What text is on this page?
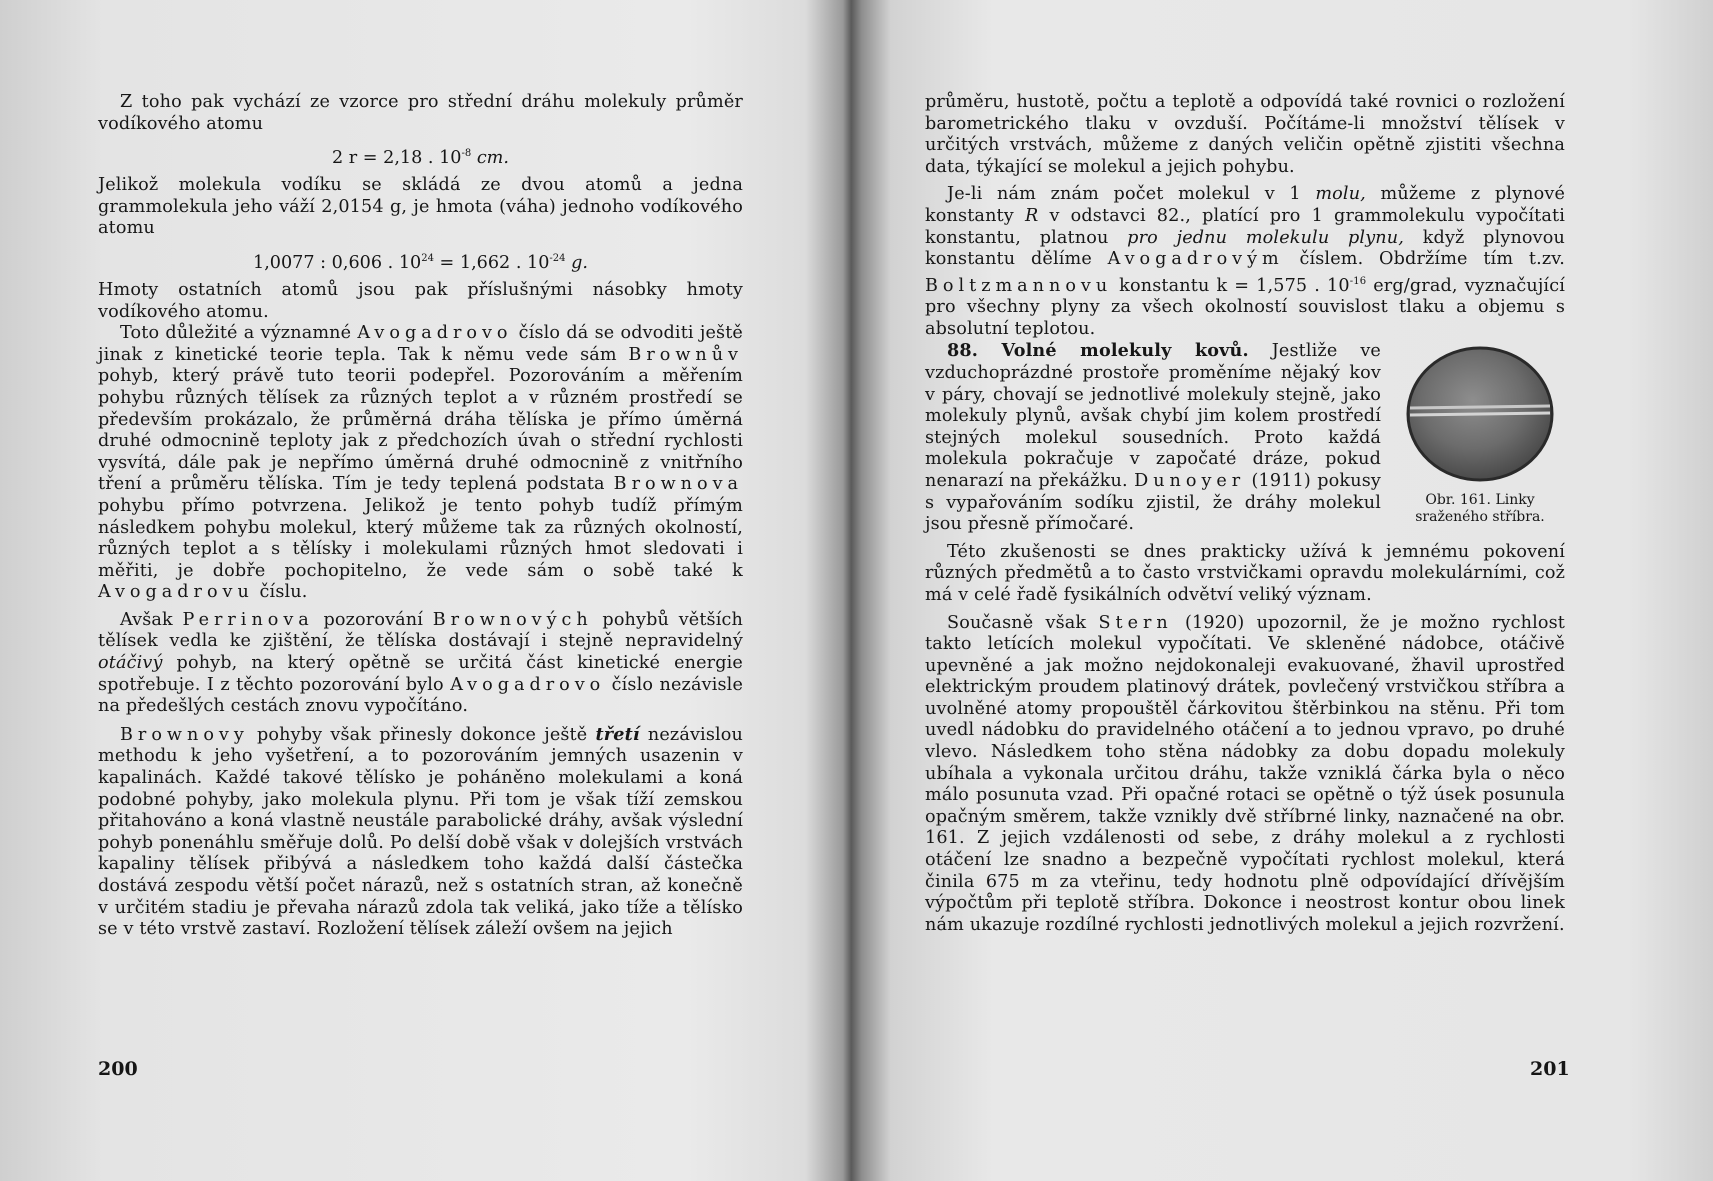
Z toho pak vychází ze vzorce pro střední dráhu molekuly průměr vodíkového atomu

2 r = 2,18 . $10^{-8}$ cm.

Jelikož molekula vodíku se skládá ze dvou atomů a jedna grammolekula jeho váží 2,0154 g, je hmota (váha) jednoho vodíkového atomu

1,0077 : 0,606 . $10^{24} = 1,662$ . $10^{-24}$ g.

Hmoty ostatních atomů jsou pak příslušnými násobky hmoty vodíkového atomu.

Toto důležité a významné Avogadrovo číslo dá se odvoditi ještě jinak z kinetické teorie tepla. Tak k němu vede sám Brownův pohyb, který právě tuto teorii podepřel. Pozorováním a měřením pohybu různých tělísek za různých teplot a v různém prostředí se především prokázalo, že průměrná dráha tělíska je přímo úměrná druhé odmocnině teploty jak z předchozích úvah o střední rychlosti vysvítá, dále pak je nepřímo úměrná druhé odmocnině z vnitřního tření a průměru tělíska. Tím je tedy teplená podstata Brownova pohybu přímo potvrzena. Jelikož je tento pohyb tudíž přímým následkem pohybu molekul, který můžeme tak za různých okolností, různých teplot a s tělísky i molekulami různých hmot sledovati i měřiti, je dobře pochopitelno, že vede sám o sobě také k Avogadrovu číslu.

Avšak Perrinova pozorování Brownových pohybů větších tělísek vedla ke zjištění, že tělíska dostávají i stejně nepravidelný otáčivý pohyb, na který opětně se určitá část kinetické energie spotřebuje. I z těchto pozorování bylo Avogadrovo číslo nezávisle na předešlých cestách znovu vypočítáno.

Brownovy pohyby však přinesly dokonce ještě třetí nezávislou methodu k jeho vyšetření, a to pozorováním jemných usazenin v kapalinách. Každé takové tělísko je poháněno molekulami a koná podobné pohyby, jako molekula plynu. Při tom je však tíží zemskou přitahováno a koná vlastně neustále parabolické dráhy, avšak výslední pohyb ponenáhlu směřuje dolů. Po delší době však v dolejších vrstvách kapaliny tělísek přibývá a následkem toho každá další částečka dostává zespodu větší počet nárazů, než s ostatních stran, až konečně v určitém stadiu je převaha nárazů zdola tak veliká, jako tíže a tělísko se v této vrstvě zastaví. Rozložení tělísek záleží ovšem na jejich

200

průměru, hustotě, počtu a teplotě a odpovídá také rovnici o rozložení barometrického tlaku v ovzduší. Počítáme-li množství tělísek v určitých vrstvách, můžeme z daných veličin opětně zjistiti všechna data, týkající se molekul a jejich pohybu.

Je-li nám znám počet molekul v 1 molu, můžeme z plynové konstanty R v odstavci 82., platící pro 1 grammolekulu vypočítati konstantu, platnou pro jednu molekulu plynu, když plynovou konstantu dělíme Avogadrovým číslem. Obdržíme tím t.zv. Boltzmannovu konstantu k = 1,575 . $10^{-16}$ erg/grad, vyznačující pro všechny plyny za všech okolností souvislost tlaku a objemu s absolutní teplotou.

Obr. 161. Linky sraženého stříbra.

88. Volné molekuly kovů. Jestliže ve vzduchoprázdné prostoře proměníme nějaký kov v páry, chovají se jednotlivé molekuly stejně, jako molekuly plynů, avšak chybí jim kolem prostředí stejných molekul sousedních. Proto každá molekula pokračuje v započaté dráze, pokud nenarazí na překážku. Dunoyer (1911) pokusy s vypařováním sodíku zjistil, že dráhy molekul jsou přesně přímočaré.

Této zkušenosti se dnes prakticky užívá k jemnému pokovení různých předmětů a to často vrstvičkami opravdu molekulárními, což má v celé řadě fysikálních odvětví veliký význam.

Současně však Stern (1920) upozornil, že je možno rychlost takto letících molekul vypočítati. Ve skleněné nádobce, otáčivě upevněné a jak možno nejdokonaleji evakuované, žhavil uprostřed elektrickým proudem platinový drátek, povlečený vrstvičkou stříbra a uvolněné atomy propouštěl čárkovitou štěrbinkou na stěnu. Při tom uvedl nádobku do pravidelného otáčení a to jednou vpravo, po druhé vlevo. Následkem toho stěna nádobky za dobu dopadu molekuly ubíhala a vykonala určitou dráhu, takže vzniklá čárka byla o něco málo posunuta vzad. Při opačné rotaci se opětně o týž úsek posunula opačným směrem, takže vznikly dvě stříbrné linky, naznačené na obr. 161. Z jejich vzdálenosti od sebe, z dráhy molekul a z rychlosti otáčení lze snadno a bezpečně vypočítati rychlost molekul, která činila 675 m za vteřinu, tedy hodnotu plně odpovídající dřívějším výpočtům při teplotě stříbra. Dokonce i neostrost kontur obou linek nám ukazuje rozdílné rychlosti jednotlivých molekul a jejich rozvržení.

201
